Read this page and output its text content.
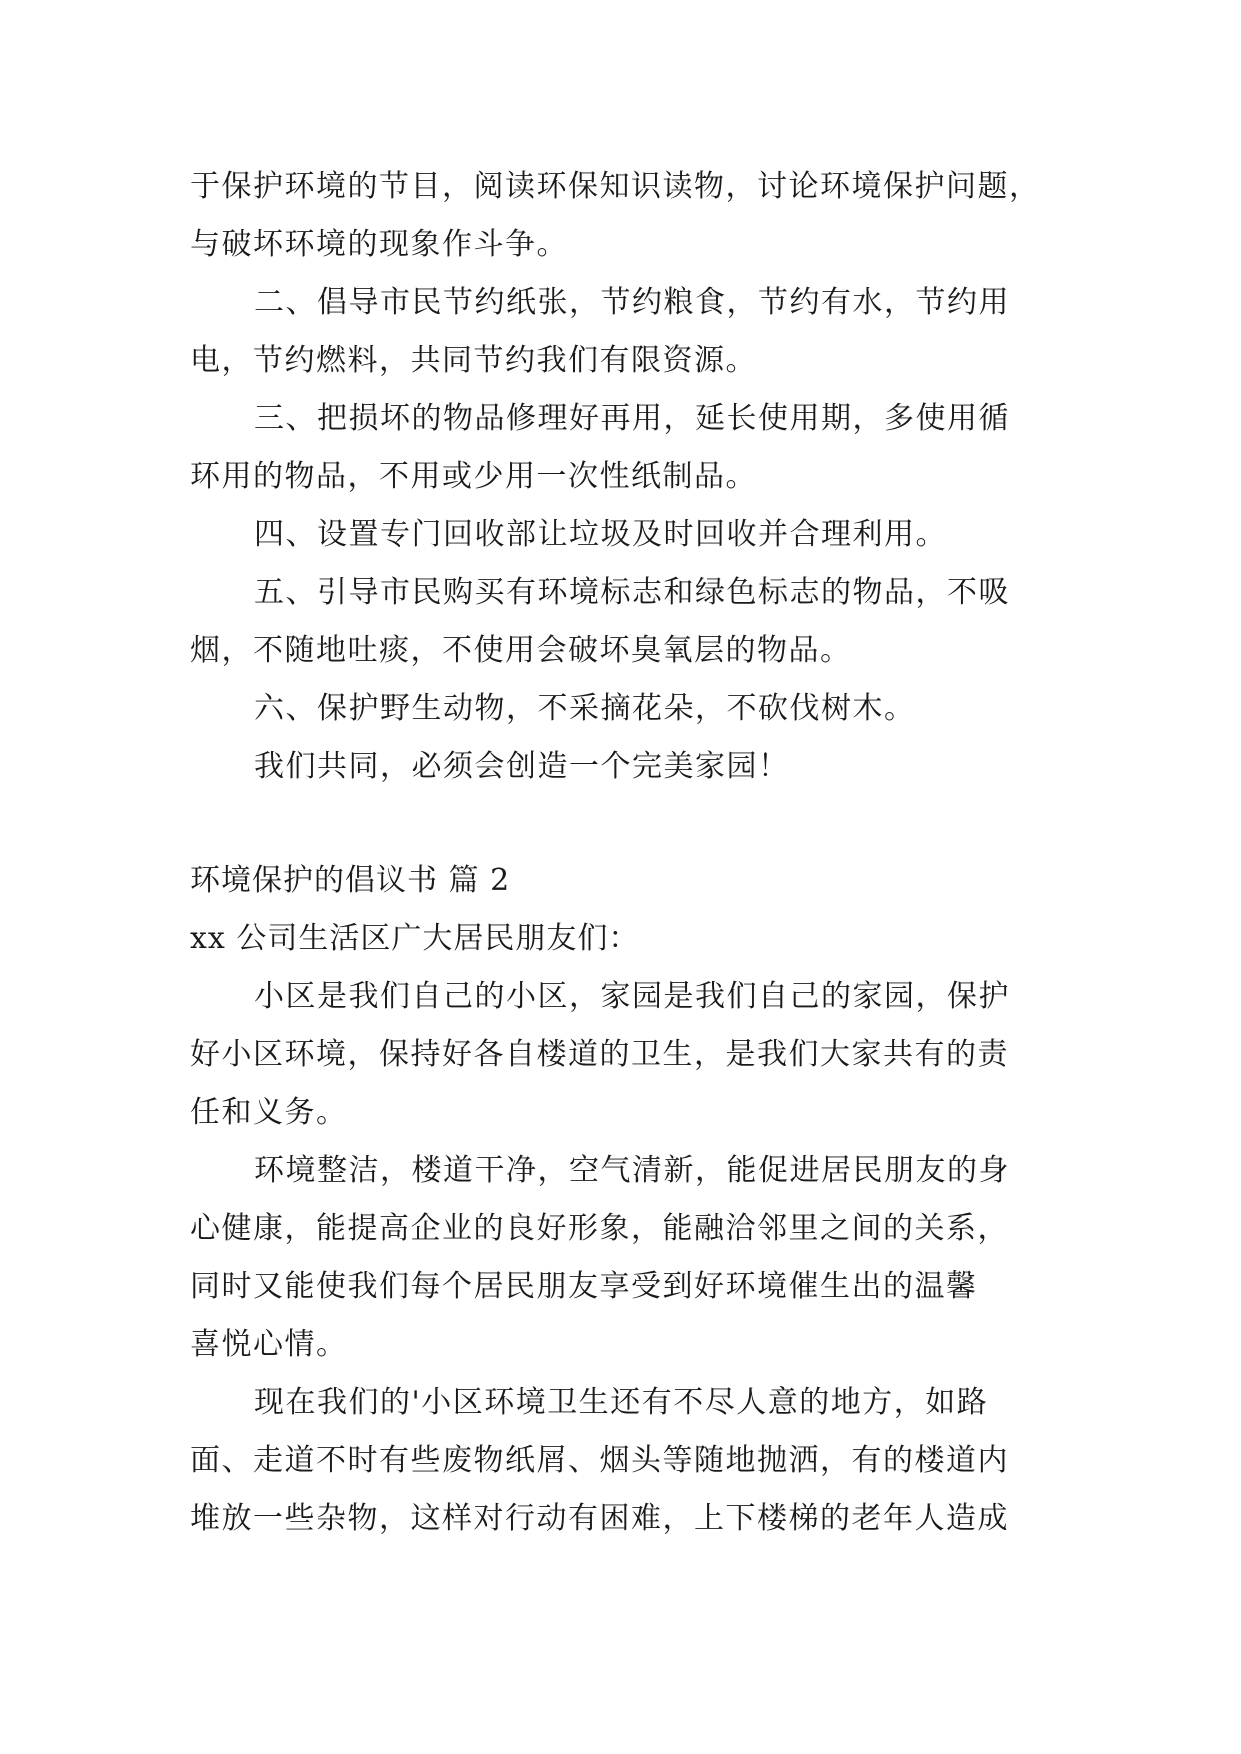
于保护环境的节目，阅读环保知识读物，讨论环境保护问题，
与破坏环境的现象作斗争。
二、倡导市民节约纸张，节约粮食，节约有水，节约用
电，节约燃料，共同节约我们有限资源。
三、把损坏的物品修理好再用，延长使用期，多使用循
环用的物品，不用或少用一次性纸制品。
四、设置专门回收部让垃圾及时回收并合理利用。
五、引导市民购买有环境标志和绿色标志的物品，不吸
烟，不随地吐痰，不使用会破坏臭氧层的物品。
六、保护野生动物，不采摘花朵，不砍伐树木。
我们共同，必须会创造一个完美家园！
环境保护的倡议书 篇 2
xx 公司生活区广大居民朋友们：
小区是我们自己的小区，家园是我们自己的家园，保护
好小区环境，保持好各自楼道的卫生，是我们大家共有的责
任和义务。
环境整洁，楼道干净，空气清新，能促进居民朋友的身
心健康，能提高企业的良好形象，能融洽邻里之间的关系，
同时又能使我们每个居民朋友享受到好环境催生出的温馨
喜悦心情。
现在我们的'小区环境卫生还有不尽人意的地方，如路
面、走道不时有些废物纸屑、烟头等随地抛洒，有的楼道内
堆放一些杂物，这样对行动有困难，上下楼梯的老年人造成
